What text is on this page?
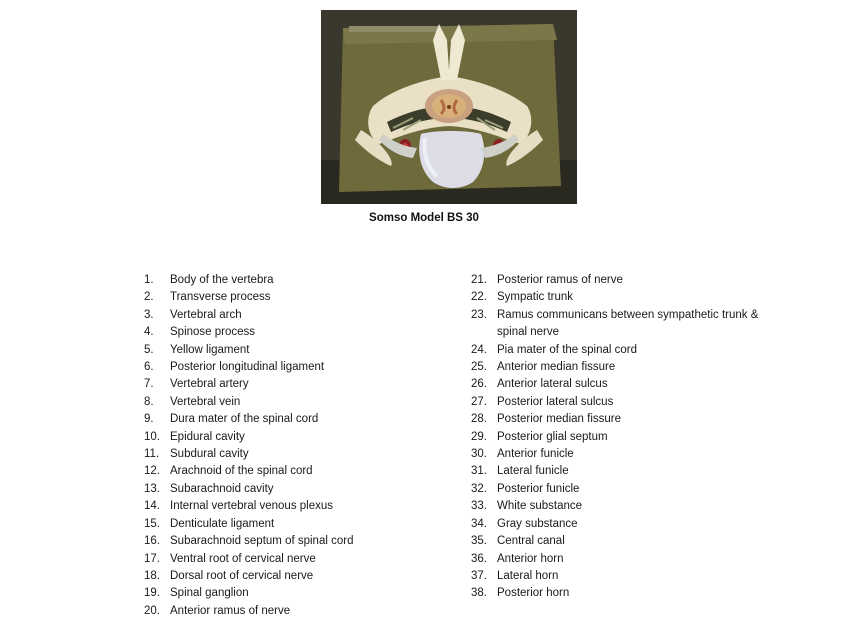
Somso Model BS 30
1.	Body of the vertebra
2.	Transverse process
3.	Vertebral arch
4.	Spinose process
5.	Yellow ligament
6.	Posterior longitudinal ligament
7.	Vertebral artery
8.	Vertebral vein
9.	Dura mater of the spinal cord
10. Epidural cavity
11. Subdural cavity
12. Arachnoid of the spinal cord
13. Subarachnoid cavity
14. Internal vertebral venous plexus
15. Denticulate ligament
16. Subarachnoid septum of spinal cord
17. Ventral root of cervical nerve
18. Dorsal root of cervical nerve
19. Spinal ganglion
20. Anterior ramus of nerve
21. Posterior ramus of nerve
22. Sympatic trunk
23. Ramus communicans between sympathetic trunk & spinal nerve
24. Pia mater of the spinal cord
25. Anterior median fissure
26. Anterior lateral sulcus
27. Posterior lateral sulcus
28. Posterior median fissure
29. Posterior glial septum
30. Anterior funicle
31. Lateral funicle
32. Posterior funicle
33. White substance
34. Gray substance
35. Central canal
36. Anterior horn
37. Lateral horn
38. Posterior horn
